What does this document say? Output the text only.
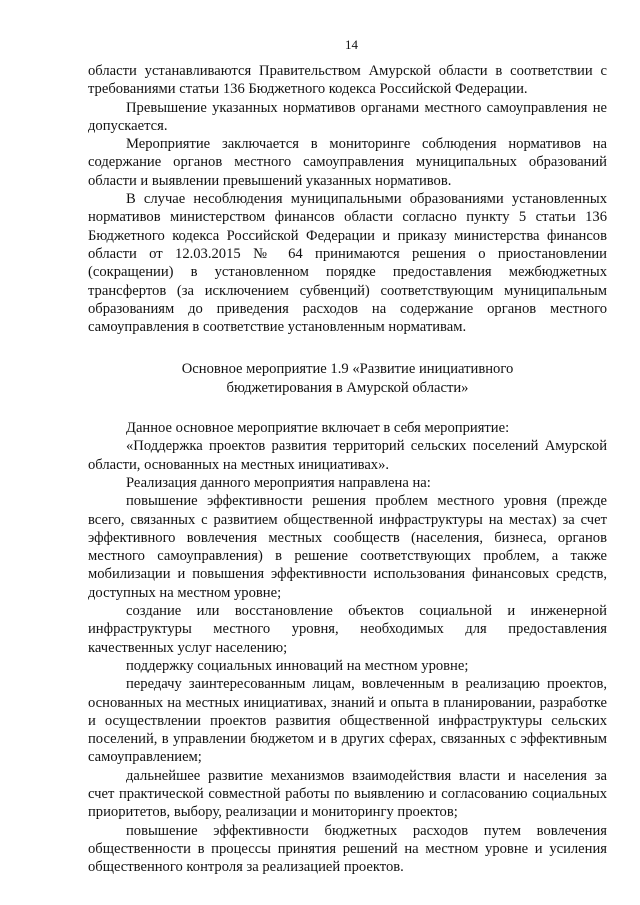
14

области устанавливаются Правительством Амурской области в соответствии с требованиями статьи 136 Бюджетного кодекса Российской Федерации.

Превышение указанных нормативов органами местного самоуправления не допускается.

Мероприятие заключается в мониторинге соблюдения нормативов на содержание органов местного самоуправления муниципальных образований области и выявлении превышений указанных нормативов.

В случае несоблюдения муниципальными образованиями установленных нормативов министерством финансов области согласно пункту 5 статьи 136 Бюджетного кодекса Российской Федерации и приказу министерства финансов области от 12.03.2015 № 64 принимаются решения о приостановлении (сокращении) в установленном порядке предоставления межбюджетных трансфертов (за исключением субвенций) соответствующим муниципальным образованиям до приведения расходов на содержание органов местного самоуправления в соответствие установленным нормативам.

Основное мероприятие 1.9 «Развитие инициативного
бюджетирования в Амурской области»

Данное основное мероприятие включает в себя мероприятие:

«Поддержка проектов развития территорий сельских поселений Амурской области, основанных на местных инициативах».

Реализация данного мероприятия направлена на:

повышение эффективности решения проблем местного уровня (прежде всего, связанных с развитием общественной инфраструктуры на местах) за счет эффективного вовлечения местных сообществ (населения, бизнеса, органов местного самоуправления) в решение соответствующих проблем, а также мобилизации и повышения эффективности использования финансовых средств, доступных на местном уровне;

создание или восстановление объектов социальной и инженерной инфраструктуры местного уровня, необходимых для предоставления качественных услуг населению;

поддержку социальных инноваций на местном уровне;

передачу заинтересованным лицам, вовлеченным в реализацию проектов, основанных на местных инициативах, знаний и опыта в планировании, разработке и осуществлении проектов развития общественной инфраструктуры сельских поселений, в управлении бюджетом и в других сферах, связанных с эффективным самоуправлением;

дальнейшее развитие механизмов взаимодействия власти и населения за счет практической совместной работы по выявлению и согласованию социальных приоритетов, выбору, реализации и мониторингу проектов;

повышение эффективности бюджетных расходов путем вовлечения общественности в процессы принятия решений на местном уровне и усиления общественного контроля за реализацией проектов.
